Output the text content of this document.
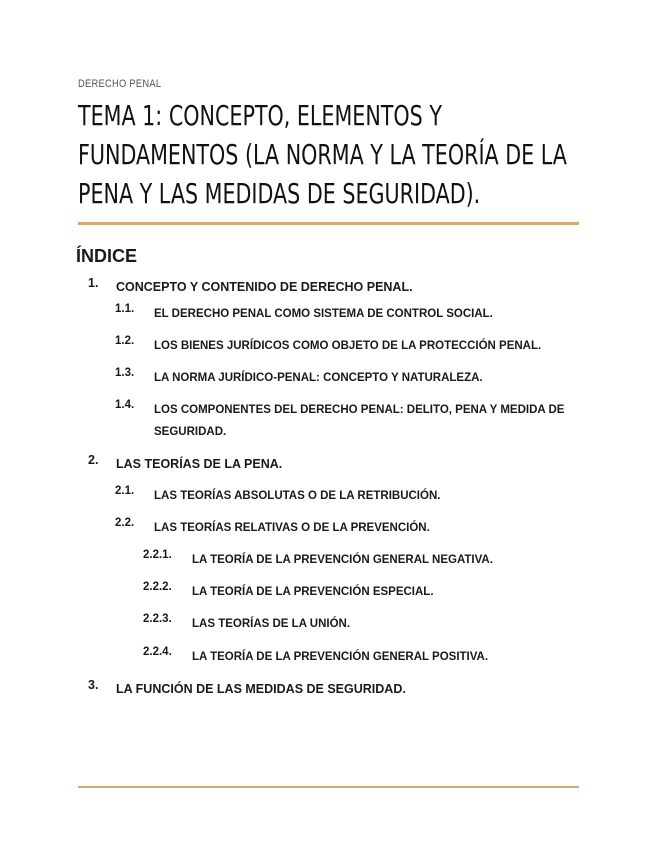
DERECHO PENAL
TEMA 1: CONCEPTO, ELEMENTOS Y FUNDAMENTOS (LA NORMA Y LA TEORÍA DE LA PENA Y LAS MEDIDAS DE SEGURIDAD).
ÍNDICE
1. CONCEPTO Y CONTENIDO DE DERECHO PENAL.
1.1. EL DERECHO PENAL COMO SISTEMA DE CONTROL SOCIAL.
1.2. LOS BIENES JURÍDICOS COMO OBJETO DE LA PROTECCIÓN PENAL.
1.3. LA NORMA JURÍDICO-PENAL: CONCEPTO Y NATURALEZA.
1.4. LOS COMPONENTES DEL DERECHO PENAL: DELITO, PENA Y MEDIDA DE SEGURIDAD.
2. LAS TEORÍAS DE LA PENA.
2.1. LAS TEORÍAS ABSOLUTAS O DE LA RETRIBUCIÓN.
2.2. LAS TEORÍAS RELATIVAS O DE LA PREVENCIÓN.
2.2.1. LA TEORÍA DE LA PREVENCIÓN GENERAL NEGATIVA.
2.2.2. LA TEORÍA DE LA PREVENCIÓN ESPECIAL.
2.2.3. LAS TEORÍAS DE LA UNIÓN.
2.2.4. LA TEORÍA DE LA PREVENCIÓN GENERAL POSITIVA.
3. LA FUNCIÓN DE LAS MEDIDAS DE SEGURIDAD.
